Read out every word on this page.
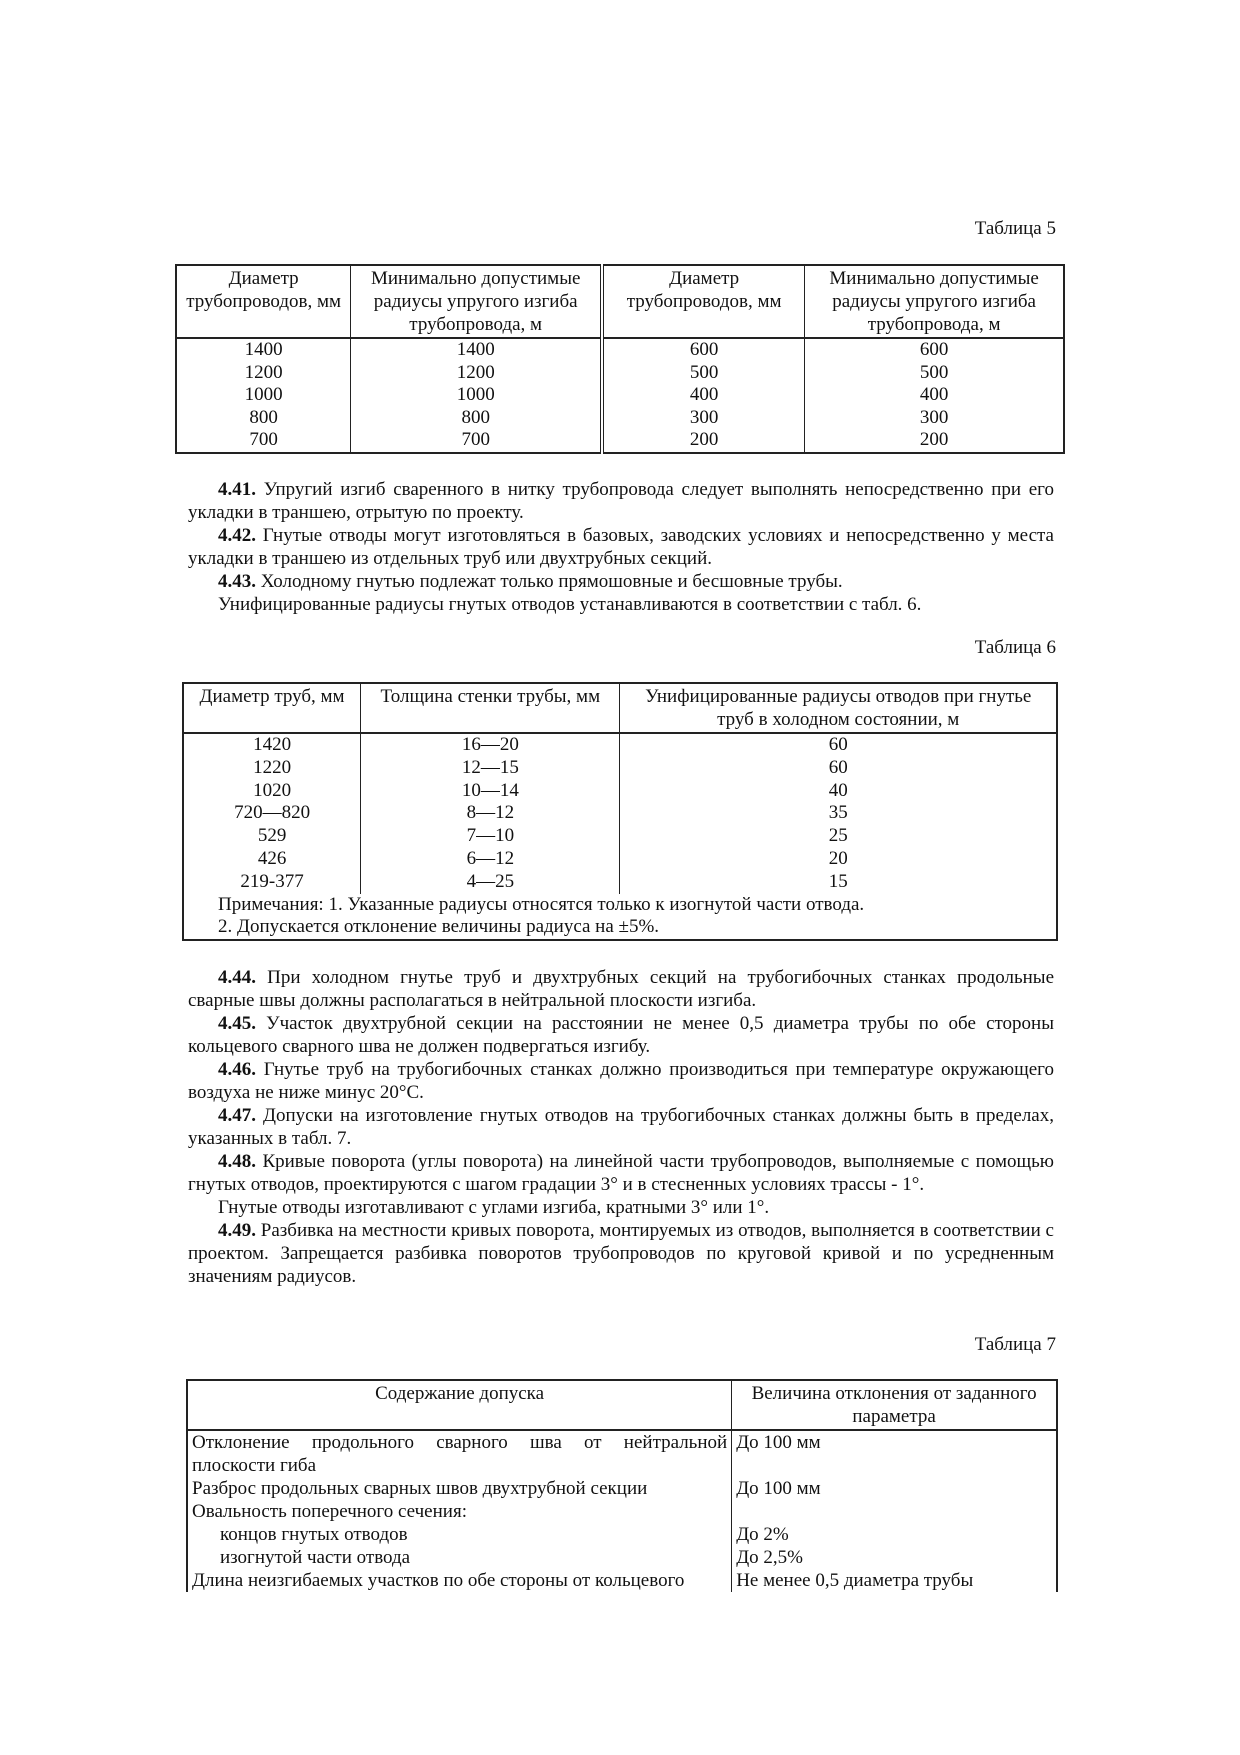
Таблица 5
Диаметр трубопроводов, мм	Минимально допустимые радиусы упругого изгиба трубопровода, м	Диаметр трубопроводов, мм	Минимально допустимые радиусы упругого изгиба трубопровода, м
1400	1400	600	600
1200	1200	500	500
1000	1000	400	400
800	800	300	300
700	700	200	200

4.41. Упругий изгиб сваренного в нитку трубопровода следует выполнять непосредственно при его укладки в траншею, отрытую по проекту.

4.42. Гнутые отводы могут изготовляться в базовых, заводских условиях и непосредственно у места укладки в траншею из отдельных труб или двухтрубных секций.

4.43. Холодному гнутью подлежат только прямошовные и бесшовные трубы.

Унифицированные радиусы гнутых отводов устанавливаются в соответствии с табл. 6.

Таблица 6
Диаметр труб, мм	Толщина стенки трубы, мм	Унифицированные радиусы отводов при гнутье труб в холодном состоянии, м
1420	16—20	60
1220	12—15	60
1020	10—14	40
720—820	8—12	35
529	7—10	25
426	6—12	20
219-377	4—25	15
Примечания: 1. Указанные радиусы относятся только к изогнутой части отвода.		
2. Допускается отклонение величины радиуса на ±5%.		

4.44. При холодном гнутье труб и двухтрубных секций на трубогибочных станках продольные сварные швы должны располагаться в нейтральной плоскости изгиба.

4.45. Участок двухтрубной секции на расстоянии не менее 0,5 диаметра трубы по обе стороны кольцевого сварного шва не должен подвергаться изгибу.

4.46. Гнутье труб на трубогибочных станках должно производиться при температуре окружающего воздуха не ниже минус 20°С.

4.47. Допуски на изготовление гнутых отводов на трубогибочных станках должны быть в пределах, указанных в табл. 7.

4.48. Кривые поворота (углы поворота) на линейной части трубопроводов, выполняемые с помощью гнутых отводов, проектируются с шагом градации 3° и в стесненных условиях трассы - 1°.

Гнутые отводы изготавливают с углами изгиба, кратными 3° или 1°.

4.49. Разбивка на местности кривых поворота, монтируемых из отводов, выполняется в соответствии с проектом. Запрещается разбивка поворотов трубопроводов по круговой кривой и по усредненным значениям радиусов.

Таблица 7
Содержание допуска	Величина отклонения от заданного параметра
Отклонение продольного сварного шва от нейтральной плоскости гиба	До 100 мм
Разброс продольных сварных швов двухтрубной секции	До 100 мм
Овальность поперечного сечения:	
концов гнутых отводов	До 2%
изогнутой части отвода	До 2,5%
Длина неизгибаемых участков по обе стороны от кольцевого	Не менее 0,5 диаметра трубы
